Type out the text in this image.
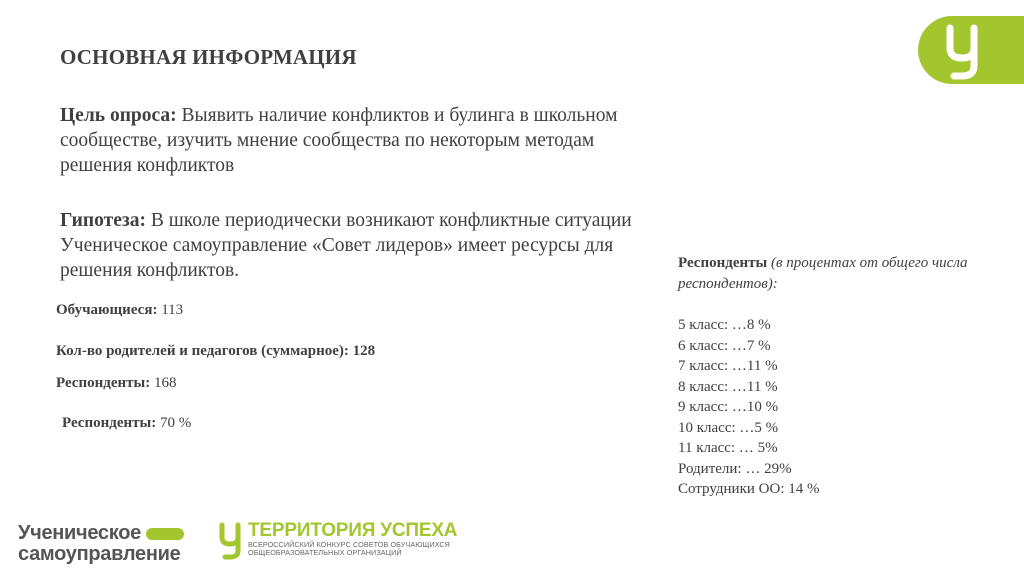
ОСНОВНАЯ ИНФОРМАЦИЯ
Цель опроса: Выявить наличие конфликтов и булинга в школьном сообществе, изучить мнение сообщества по некоторым методам решения конфликтов
Гипотеза: В школе периодически возникают конфликтные ситуации Ученическое самоуправление «Совет лидеров» имеет ресурсы для решения конфликтов.
Обучающиеся: 113
Кол-во родителей и педагогов (суммарное): 128
Респонденты: 168
Респонденты: 70 %
Респонденты (в процентах от общего числа респондентов):
5 класс: …8 %
6 класс: …7 %
7 класс: …11 %
8 класс: …11 %
9 класс: …10 %
10 класс: …5 %
11 класс: … 5%
Родители: … 29%
Сотрудники ОО: 14 %
Ученическое
самоуправление
ТЕРРИТОРИЯ УСПЕХА
ВСЕРОССИЙСКИЙ КОНКУРС СОВЕТОВ ОБУЧАЮЩИХСЯ
ОБЩЕОБРАЗОВАТЕЛЬНЫХ ОРГАНИЗАЦИЙ
